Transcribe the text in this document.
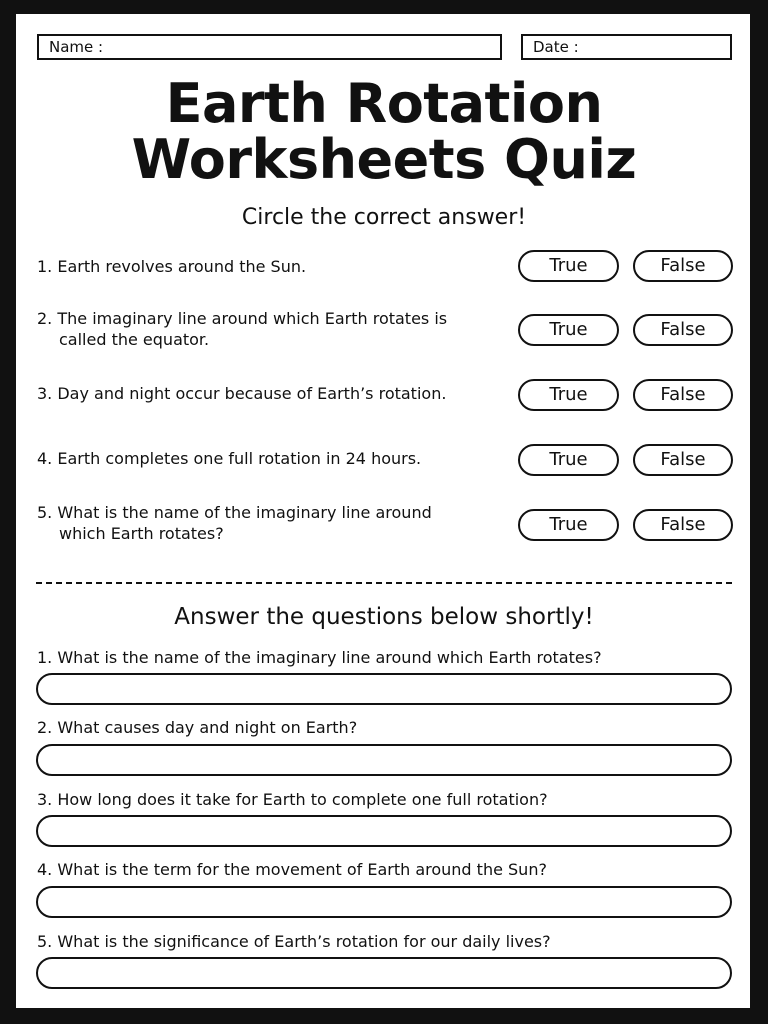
Name :	Date :
Earth Rotation
Worksheets Quiz
Circle the correct answer!
1. Earth revolves around the Sun.	True	False
2. The imaginary line around which Earth rotates is
called the equator.	True	False
3. Day and night occur because of Earth’s rotation.	True	False
4. Earth completes one full rotation in 24 hours.	True	False
5. What is the name of the imaginary line around
which Earth rotates?	True	False
Answer the questions below shortly!
1. What is the name of the imaginary line around which Earth rotates?
2. What causes day and night on Earth?
3. How long does it take for Earth to complete one full rotation?
4. What is the term for the movement of Earth around the Sun?
5. What is the significance of Earth’s rotation for our daily lives?
